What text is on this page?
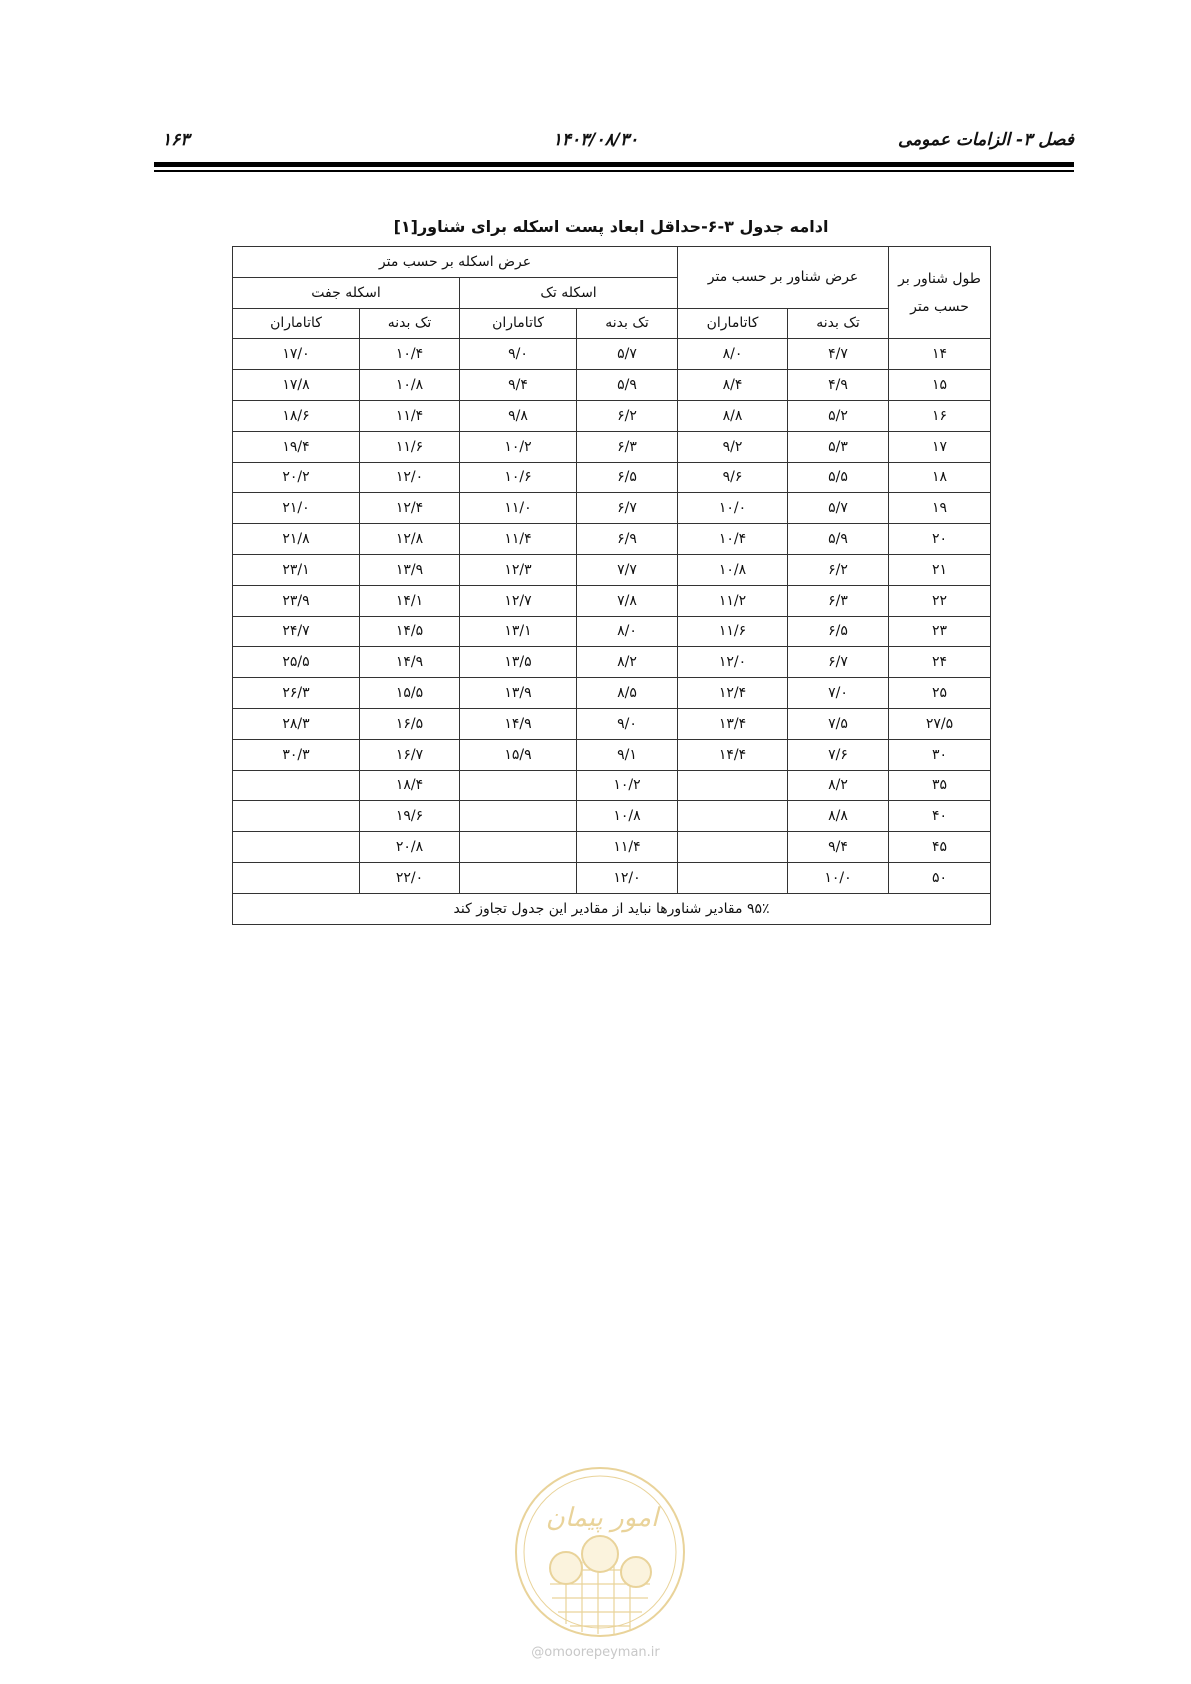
فصل ۳- الزامات عمومی
۱۴۰۳/۰۸/۳۰
۱۶۳
ادامه جدول ۳-۶-حداقل ابعاد پست اسکله برای شناور[۱]
طول شناور بر حسب متر	عرض شناور بر حسب متر		عرض اسکله بر حسب متر			
			اسکله تک		اسکله جفت	
	تک بدنه	کاتاماران	تک بدنه	کاتاماران	تک بدنه	کاتاماران
۱۴	۴/۷	۸/۰	۵/۷	۹/۰	۱۰/۴	۱۷/۰
۱۵	۴/۹	۸/۴	۵/۹	۹/۴	۱۰/۸	۱۷/۸
۱۶	۵/۲	۸/۸	۶/۲	۹/۸	۱۱/۴	۱۸/۶
۱۷	۵/۳	۹/۲	۶/۳	۱۰/۲	۱۱/۶	۱۹/۴
۱۸	۵/۵	۹/۶	۶/۵	۱۰/۶	۱۲/۰	۲۰/۲
۱۹	۵/۷	۱۰/۰	۶/۷	۱۱/۰	۱۲/۴	۲۱/۰
۲۰	۵/۹	۱۰/۴	۶/۹	۱۱/۴	۱۲/۸	۲۱/۸
۲۱	۶/۲	۱۰/۸	۷/۷	۱۲/۳	۱۳/۹	۲۳/۱
۲۲	۶/۳	۱۱/۲	۷/۸	۱۲/۷	۱۴/۱	۲۳/۹
۲۳	۶/۵	۱۱/۶	۸/۰	۱۳/۱	۱۴/۵	۲۴/۷
۲۴	۶/۷	۱۲/۰	۸/۲	۱۳/۵	۱۴/۹	۲۵/۵
۲۵	۷/۰	۱۲/۴	۸/۵	۱۳/۹	۱۵/۵	۲۶/۳
۲۷/۵	۷/۵	۱۳/۴	۹/۰	۱۴/۹	۱۶/۵	۲۸/۳
۳۰	۷/۶	۱۴/۴	۹/۱	۱۵/۹	۱۶/۷	۳۰/۳
۳۵	۸/۲		۱۰/۲		۱۸/۴	
۴۰	۸/۸		۱۰/۸		۱۹/۶	
۴۵	۹/۴		۱۱/۴		۲۰/۸	
۵۰	۱۰/۰		۱۲/۰		۲۲/۰	
۹۵٪ مقادیر شناورها نباید از مقادیر این جدول تجاوز کند						
امور پیمان
@omoorepeyman.ir
